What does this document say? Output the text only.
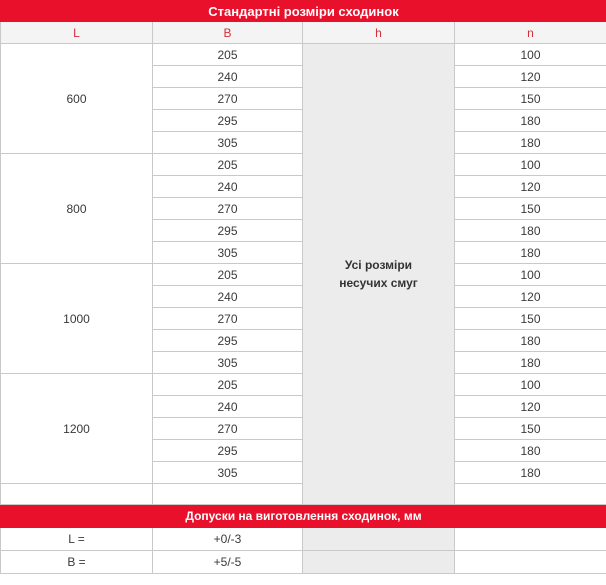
Стандартні розміри сходинок			
L	B	h	n
600	205	Усі розміри несучих смуг	100
	240		120
	270		150
	295		180
	305		180
800	205		100
	240		120
	270		150
	295		180
	305		180
1000	205		100
	240		120
	270		150
	295		180
	305		180
1200	205		100
	240		120
	270		150
	295		180
	305		180

Допуски на виготовлення сходинок, мм			
L =	+0/-3		
B =	+5/-5		
